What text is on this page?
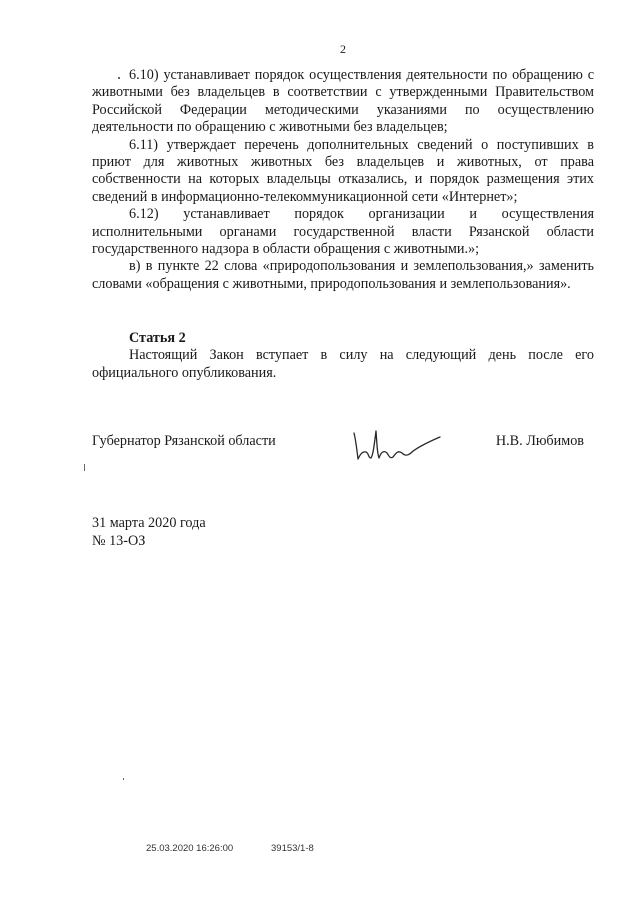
2

6.10) устанавливает порядок осуществления деятельности по обращению с животными без владельцев в соответствии с утвержденными Правительством Российской Федерации методическими указаниями по осуществлению деятельности по обращению с животными без владельцев;

6.11) утверждает перечень дополнительных сведений о поступивших в приют для животных животных без владельцев и животных, от права собственности на которых владельцы отказались, и порядок размещения этих сведений в информационно-телекоммуникационной сети «Интернет»;

6.12) устанавливает порядок организации и осуществления исполнительными органами государственной власти Рязанской области государственного надзора в области обращения с животными.»;

в) в пункте 22 слова «природопользования и землепользования,» заменить словами «обращения с животными, природопользования и землепользования».

Статья 2

Настоящий Закон вступает в силу на следующий день после его официального опубликования.

Губернатор Рязанской области	Н.В. Любимов
31 марта 2020 года
№ 13-ОЗ
25.03.2020 16:26:00	39153/1-8
